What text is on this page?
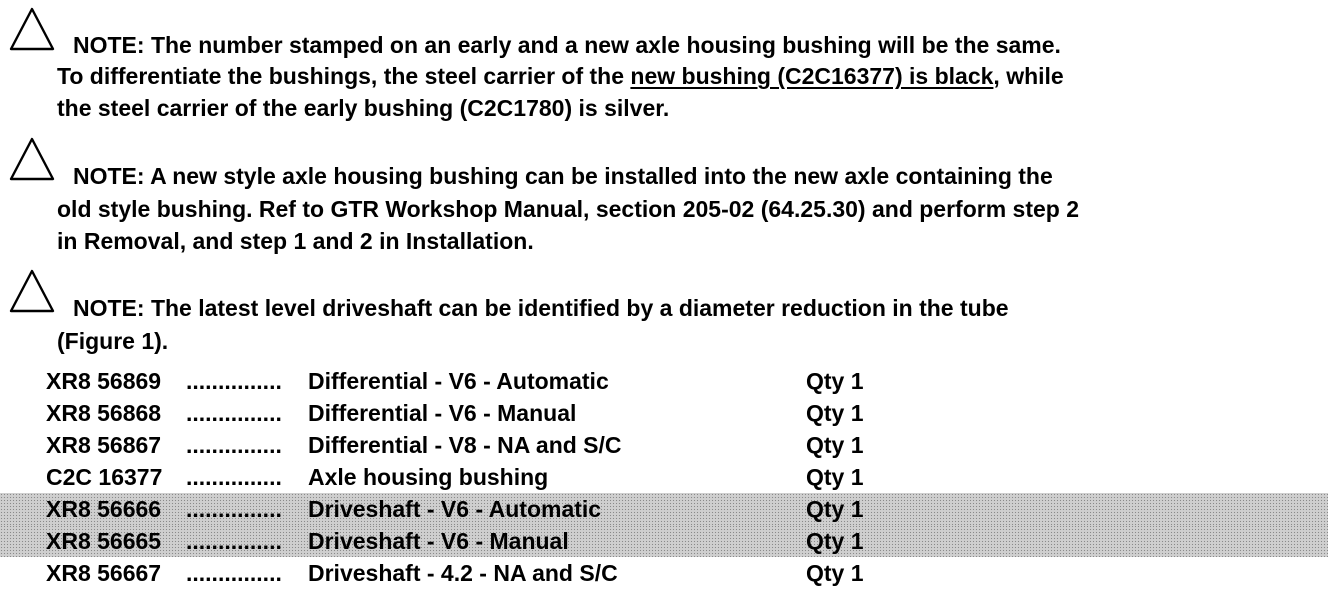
NOTE: The number stamped on an early and a new axle housing bushing will be the same.
To differentiate the bushings, the steel carrier of the new bushing (C2C16377) is black, while
the steel carrier of the early bushing (C2C1780) is silver.
NOTE: A new style axle housing bushing can be installed into the new axle containing the
old style bushing. Ref to GTR Workshop Manual, section 205-02 (64.25.30) and perform step 2
in Removal, and step 1 and 2 in Installation.
NOTE: The latest level driveshaft can be identified by a diameter reduction in the tube
(Figure 1).
XR8 56869 ...............	Differential - V6 - Automatic	Qty 1
XR8 56868 ...............	Differential - V6 - Manual	Qty 1
XR8 56867 ...............	Differential - V8 - NA and S/C	Qty 1
C2C 16377 ...............	Axle housing bushing	Qty 1
XR8 56666 ...............	Driveshaft - V6 - Automatic	Qty 1
XR8 56665 ...............	Driveshaft - V6 - Manual	Qty 1
XR8 56667 ...............	Driveshaft - 4.2 - NA and S/C	Qty 1
